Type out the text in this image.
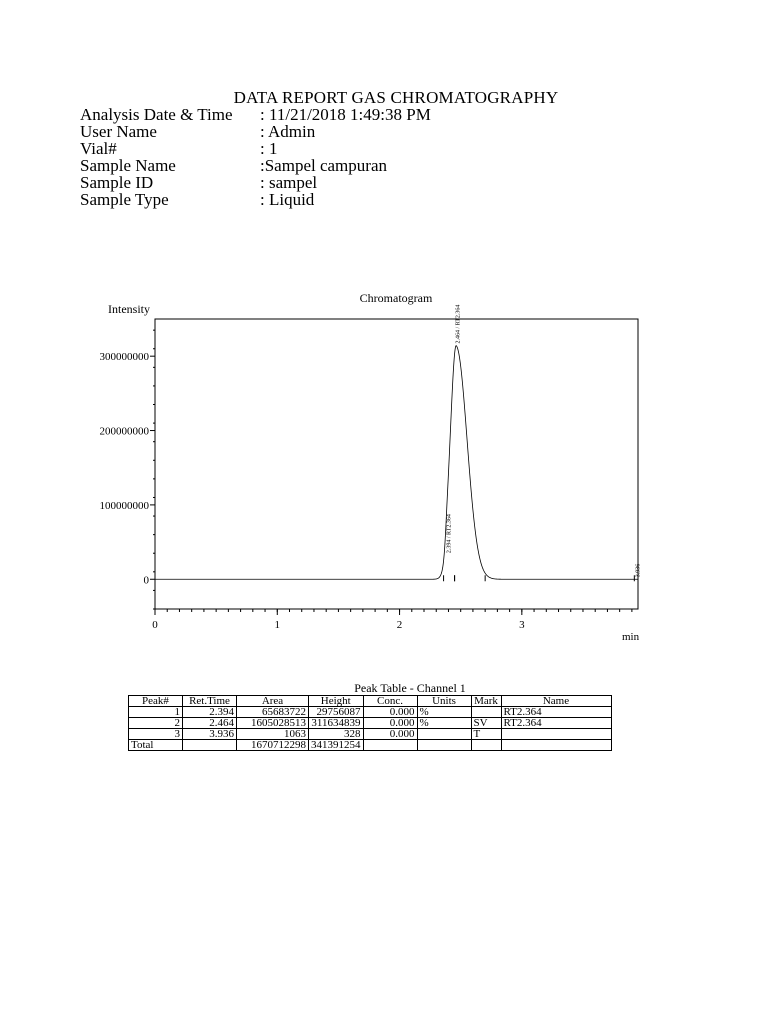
DATA REPORT GAS CHROMATOGRAPHY
Analysis Date & Time	: 11/21/2018 1:49:38 PM
User Name	: Admin
Vial#	: 1
Sample Name	:Sampel campuran
Sample ID	: sampel
Sample Type	: Liquid
Chromatogram
Intensity
min
0
100000000
200000000
300000000
0	1	2	3
2.394 / RT2.364
2.464 / RT2.364
3.936
Peak Table - Channel 1
Peak#	Ret.Time	Area	Height	Conc.	Units	Mark	Name
1	2.394	65683722	29756087	0.000	%		RT2.364
2	2.464	1605028513	311634839	0.000	%	SV	RT2.364
3	3.936	1063	328	0.000		T	
Total		1670712298	341391254				
